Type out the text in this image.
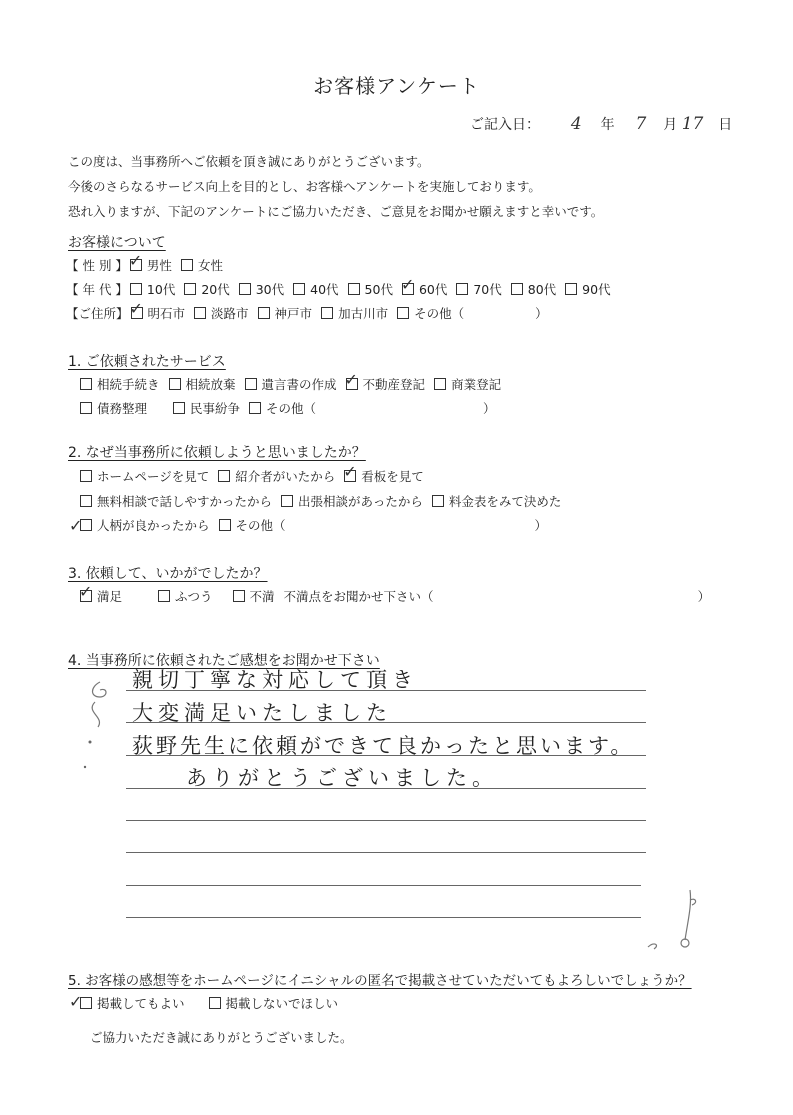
お客様アンケート
ご記入日： 4 年 7 月 17 日
この度は、当事務所へご依頼を頂き誠にありがとうございます。
今後のさらなるサービス向上を目的とし、お客様へアンケートを実施しております。
恐れ入りますが、下記のアンケートにご協力いただき、ご意見をお聞かせ願えますと幸いです。
お客様について
【 性 別 】 ✓ 男性 女性
【 年 代 】 10代 20代 30代 40代 50代 ✓ 60代 70代 80代 90代
【ご住所】 ✓ 明石市 淡路市 神戸市 加古川市 その他（	）
1. ご依頼されたサービス
相続手続き 相続放棄 遺言書の作成 ✓ 不動産登記 商業登記
債務整理	民事紛争 その他（	）
2. なぜ当事務所に依頼しようと思いましたか？
ホームページを見て 紹介者がいたから ✓ 看板を見て
無料相談で話しやすかったから 出張相談があったから 料金表をみて決めた
✓ 人柄が良かったから その他（	）
3. 依頼して、いかがでしたか？
✓ 満足	ふつう	不満 不満点をお聞かせ下さい（	）
4. 当事務所に依頼されたご感想をお聞かせ下さい
親切丁寧な対応して頂き
大変満足いたしました
荻野先生に依頼ができて良かったと思います。
ありがとうございました。
5. お客様の感想等をホームページにイニシャルの匿名で掲載させていただいてもよろしいでしょうか？
✓ 掲載してもよい	掲載しないでほしい
ご協力いただき誠にありがとうございました。
